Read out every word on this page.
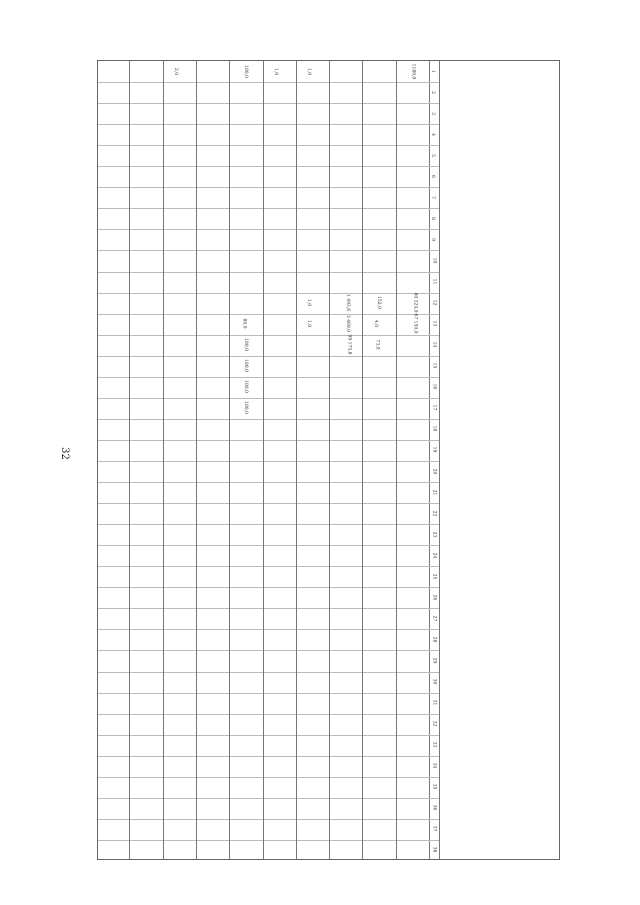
32
1
2
3
4
5
6
7
8
9
10
11
12
13
14
15
16
17
18
19
20
21
22
23
24
25
26
27
28
29
30
31
32
33
34
35
36
37
38
1180,0
80 324,0
67 150,0
152,0
4,0
73,0
1 493,6
3 469,0
99 175,8
1,0
1,0
1,0
1,0
100,0
80,0
100,0
100,0
100,0
100,0
2,0
